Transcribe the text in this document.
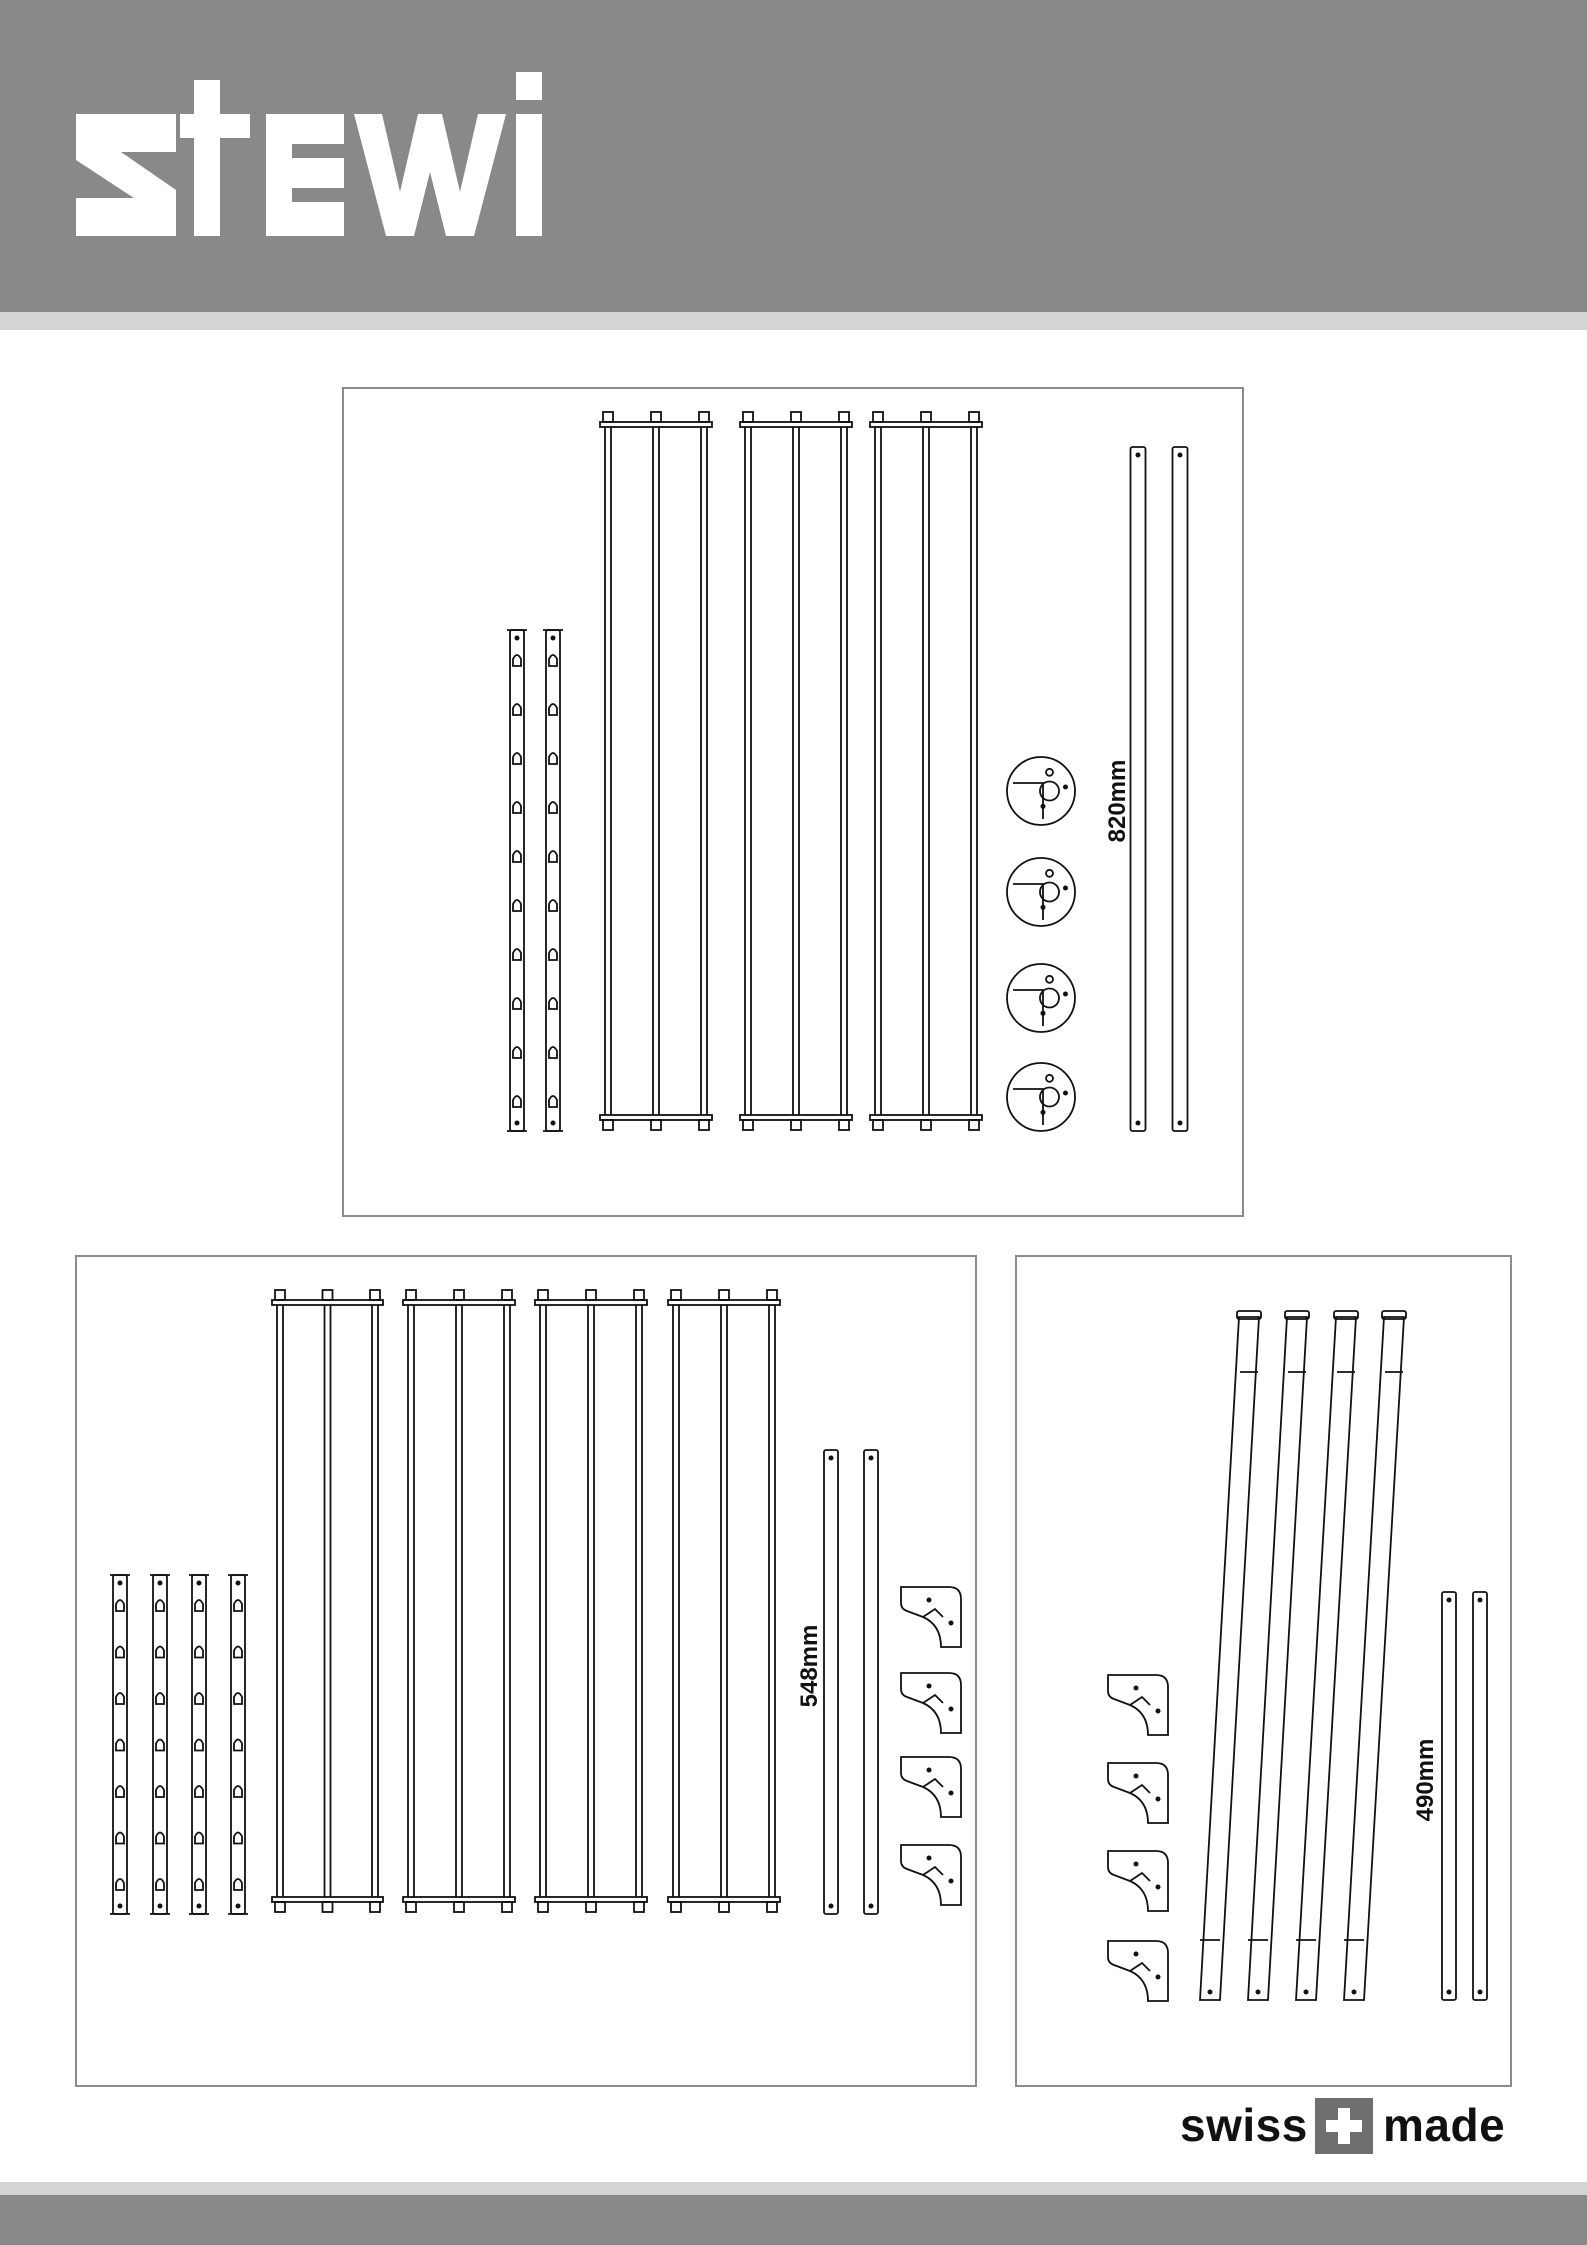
820mm
548mm
490mm
swiss made
